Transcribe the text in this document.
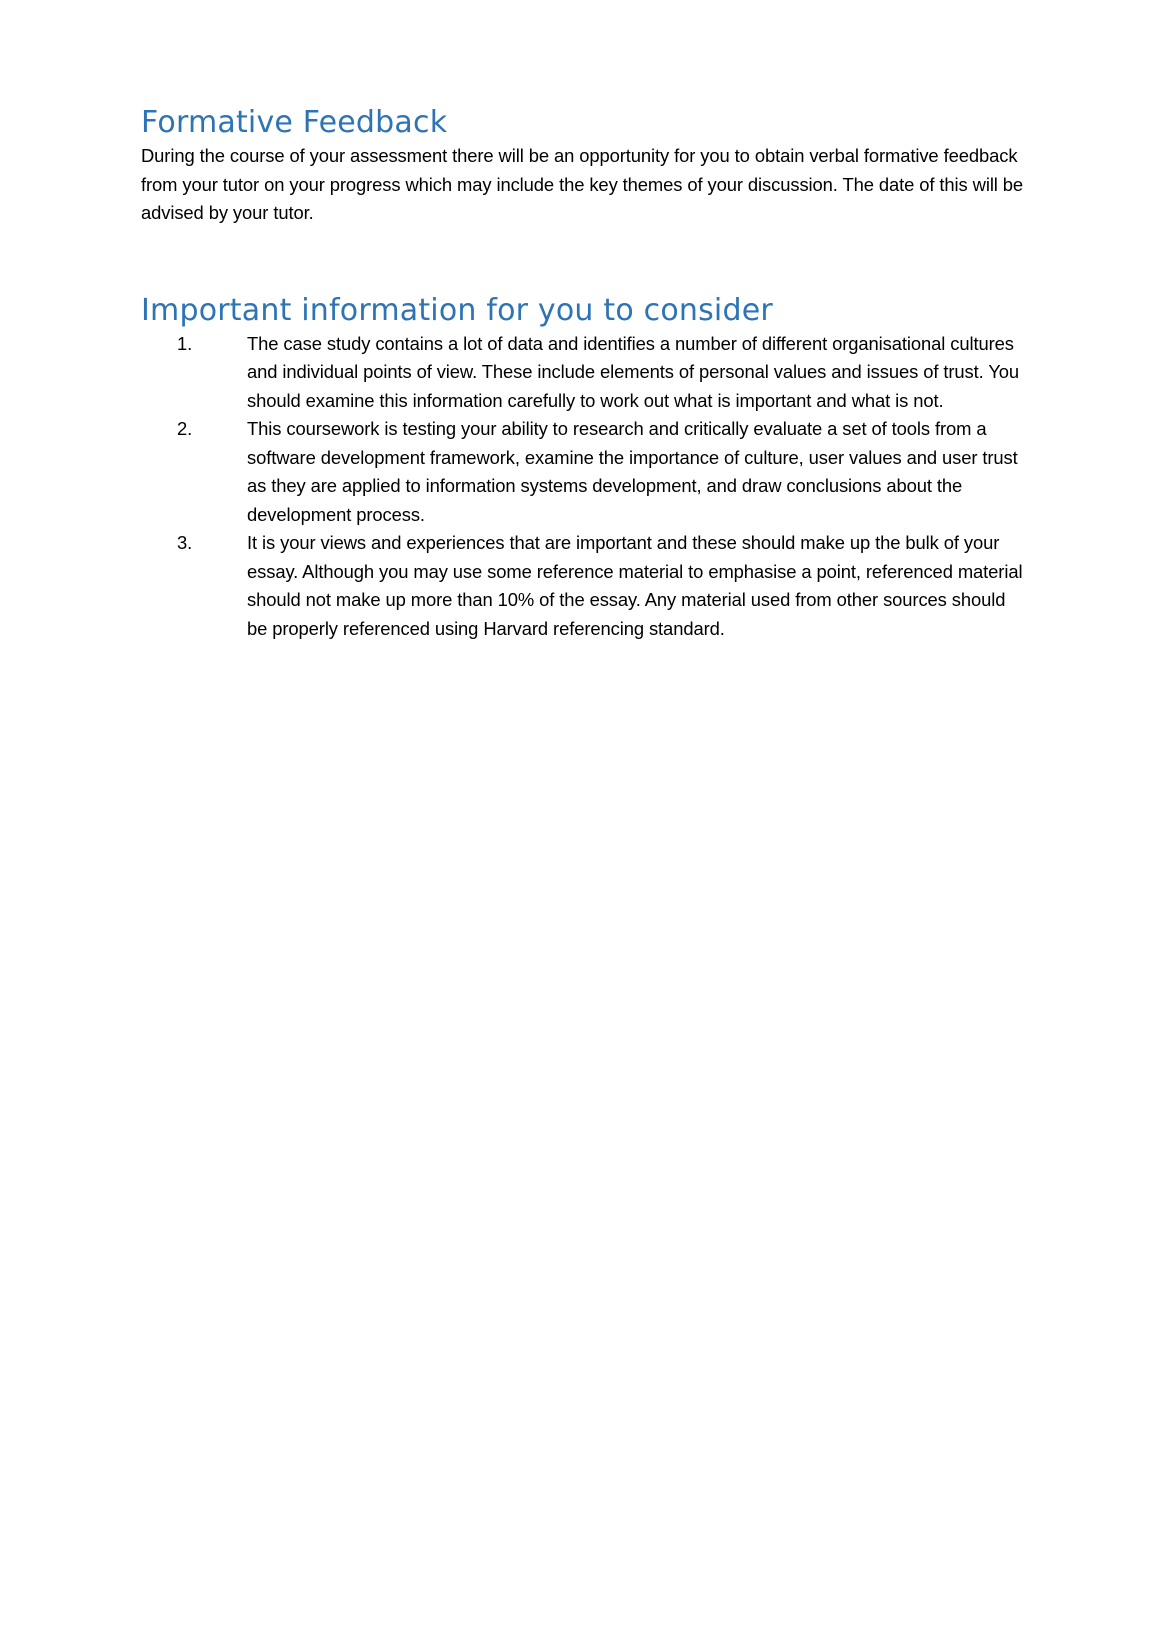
Formative Feedback

During the course of your assessment there will be an opportunity for you to obtain verbal formative feedback from your tutor on your progress which may include the key themes of your discussion. The date of this will be advised by your tutor.

Important information for you to consider
1.	The case study contains a lot of data and identifies a number of different organisational cultures and individual points of view. These include elements of personal values and issues of trust. You should examine this information carefully to work out what is important and what is not.
2.	This coursework is testing your ability to research and critically evaluate a set of tools from a software development framework, examine the importance of culture, user values and user trust as they are applied to information systems development, and draw conclusions about the development process.
3.	It is your views and experiences that are important and these should make up the bulk of your essay. Although you may use some reference material to emphasise a point, referenced material should not make up more than 10% of the essay. Any material used from other sources should be properly referenced using Harvard referencing standard.
